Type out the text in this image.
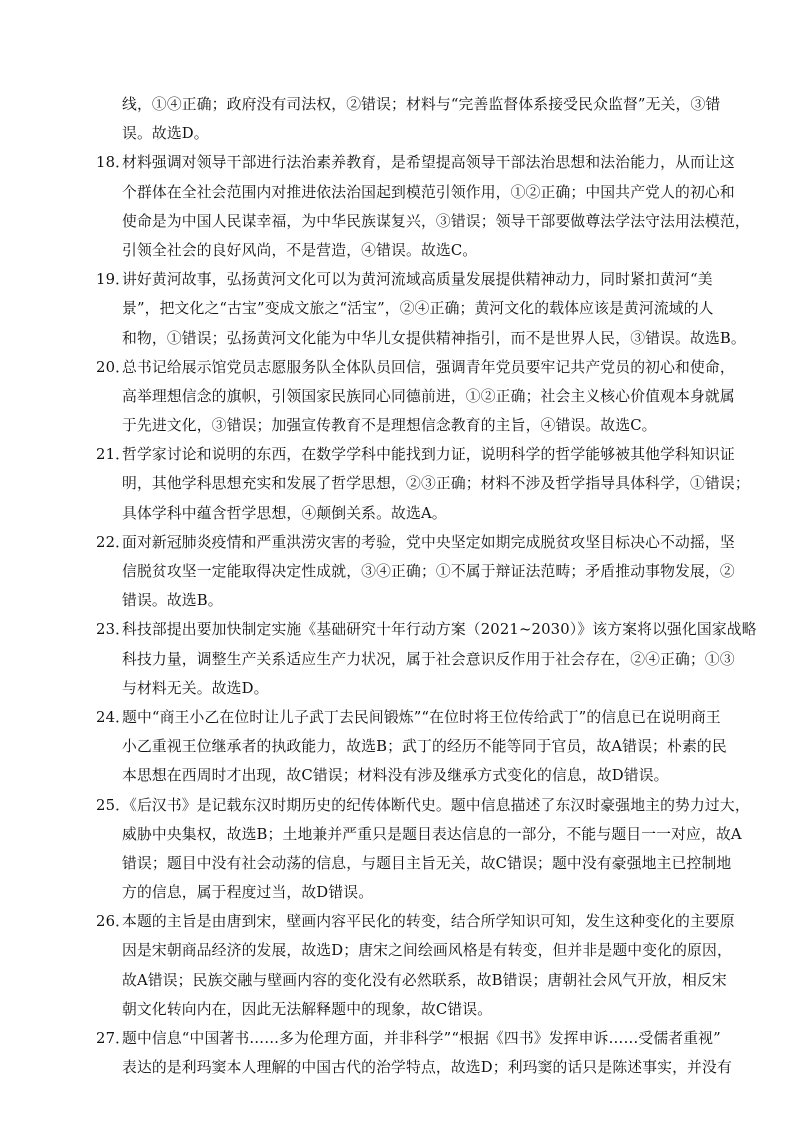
线，①④正确；政府没有司法权，②错误；材料与“完善监督体系接受民众监督”无关，③错
误。故选D。
18．
材料强调对领导干部进行法治素养教育，是希望提高领导干部法治思想和法治能力，从而让这
个群体在全社会范围内对推进依法治国起到模范引领作用，①②正确；中国共产党人的初心和
使命是为中国人民谋幸福，为中华民族谋复兴，③错误；领导干部要做尊法学法守法用法模范，
引领全社会的良好风尚，不是营造，④错误。故选C。
19．
讲好黄河故事，弘扬黄河文化可以为黄河流域高质量发展提供精神动力，同时紧扣黄河“美
景”，把文化之“古宝”变成文旅之“活宝”，②④正确；黄河文化的载体应该是黄河流域的人
和物，①错误；弘扬黄河文化能为中华儿女提供精神指引，而不是世界人民，③错误。故选B。
20．
总书记给展示馆党员志愿服务队全体队员回信，强调青年党员要牢记共产党员的初心和使命，
高举理想信念的旗帜，引领国家民族同心同德前进，①②正确；社会主义核心价值观本身就属
于先进文化，③错误；加强宣传教育不是理想信念教育的主旨，④错误。故选C。
21．
哲学家讨论和说明的东西，在数学学科中能找到力证，说明科学的哲学能够被其他学科知识证
明，其他学科思想充实和发展了哲学思想，②③正确；材料不涉及哲学指导具体科学，①错误；
具体学科中蕴含哲学思想，④颠倒关系。故选A。
22．
面对新冠肺炎疫情和严重洪涝灾害的考验，党中央坚定如期完成脱贫攻坚目标决心不动摇，坚
信脱贫攻坚一定能取得决定性成就，③④正确；①不属于辩证法范畴；矛盾推动事物发展，②
错误。故选B。
23．
科技部提出要加快制定实施《基础研究十年行动方案（2021~2030）》该方案将以强化国家战略
科技力量，调整生产关系适应生产力状况，属于社会意识反作用于社会存在，②④正确；①③
与材料无关。故选D。
24．
题中“商王小乙在位时让儿子武丁去民间锻炼”“在位时将王位传给武丁”的信息已在说明商王
小乙重视王位继承者的执政能力，故选B；武丁的经历不能等同于官员，故A错误；朴素的民
本思想在西周时才出现，故C错误；材料没有涉及继承方式变化的信息，故D错误。
25．
《后汉书》是记载东汉时期历史的纪传体断代史。题中信息描述了东汉时豪强地主的势力过大，
威胁中央集权，故选B；土地兼并严重只是题目表达信息的一部分，不能与题目一一对应，故A
错误；题目中没有社会动荡的信息，与题目主旨无关，故C错误；题中没有豪强地主已控制地
方的信息，属于程度过当，故D错误。
26．
本题的主旨是由唐到宋，壁画内容平民化的转变，结合所学知识可知，发生这种变化的主要原
因是宋朝商品经济的发展，故选D；唐宋之间绘画风格是有转变，但并非是题中变化的原因，
故A错误；民族交融与壁画内容的变化没有必然联系，故B错误；唐朝社会风气开放，相反宋
朝文化转向内在，因此无法解释题中的现象，故C错误。
27．
题中信息“中国著书……多为伦理方面，并非科学”“根据《四书》发挥申诉……受儒者重视”
表达的是利玛窦本人理解的中国古代的治学特点，故选D；利玛窦的话只是陈述事实，并没有
